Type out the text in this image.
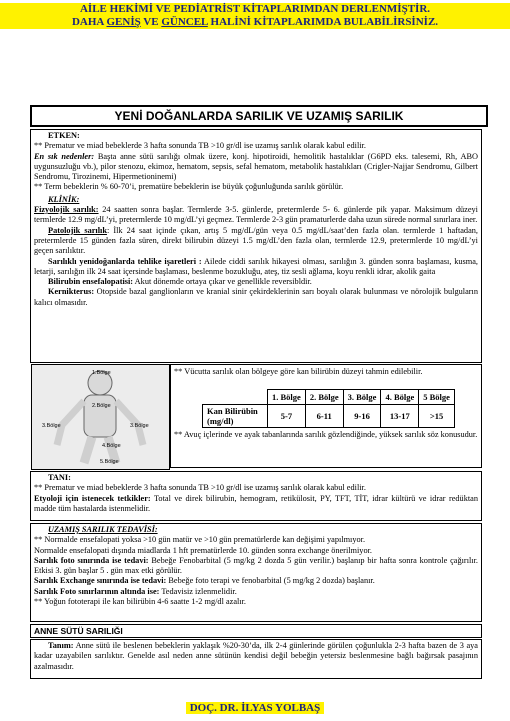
AİLE HEKİMİ VE PEDİATRİST KİTAPLARIMDAN DERLENMİŞTİR.
DAHA GENİŞ VE GÜNCEL HALİNİ KİTAPLARIMDA BULABİLİRSİNİZ.
YENİ DOĞANLARDA SARILIK VE UZAMIŞ SARILIK
ETKEN:
** Prematur ve miad bebeklerde 3 hafta sonunda TB >10 gr/dl ise uzamış sarılık olarak kabul edilir.
En sık nedenler: Başta anne sütü sarılığı olmak üzere, konj. hipotiroidi, hemolitik hastalıklar (G6PD eks. talesemi, Rh, ABO uygunsuzluğu vb.), pilor stenozu, ekimoz, hematom, sepsis, sefal hematom, metabolik hastalıkları (Crigler-Najjar Sendromu, Gilbert Sendromu, Tirozinemi, Hipermetioninemi)
** Term bebeklerin % 60-70’i, prematüre bebeklerin ise büyük çoğunluğunda sarılık görülür.
KLİNİK:
Fizyolojik sarılık: 24 saatten sonra başlar. Termlerde 3-5. günlerde, pretermlerde 5- 6. günlerde pik yapar. Maksimum düzeyi termlerde 12.9 mg/dL’yi, pretermlerde 10 mg/dL’yi geçmez. Termlerde 2-3 gün pramaturlerde daha uzun sürede normal sınırlara iner.
Patolojik sarılık: İlk 24 saat içinde çıkan, artış 5 mg/dL/gün veya 0.5 mg/dL/saat’den fazla olan. termlerde 1 haftadan, pretermlerde 15 günden fazla süren, direkt bilirubin düzeyi 1.5 mg/dL’den fazla olan, termlerde 12.9, pretermlerde 10 mg/dL’yi geçen sarılıktır.
Sarılıklı yenidoğanlarda tehlike işaretleri : Ailede ciddi sarılık hikayesi olması, sarılığın 3. günden sonra başlaması, kusma, letarji, sarılığın ilk 24 saat içersinde başlaması, beslenme bozukluğu, ateş, tiz sesli ağlama, koyu renkli idrar, akolik gaita
Bilirubin ensefalopatisi: Akut dönemde ortaya çıkar ve genellikle reversibldir.
Kernikterus: Otopside bazal ganglionların ve kranial sinir çekirdeklerinin sarı boyalı olarak bulunması ve nörolojik bulguların kalıcı olmasıdır.
1.Bölge
2.Bölge
3.Bölge	3.Bölge
4.Bölge
5.Bölge
** Vücutta sarılık olan bölgeye göre kan bilirübin düzeyi tahmin edilebilir.
	1. Bölge	2. Bölge	3. Bölge	4. Bölge	5 Bölge
Kan Bilirübin (mg/dl)	5-7	6-11	9-16	13-17	>15
** Avuç içlerinde ve ayak tabanlarında sarılık gözlendiğinde, yüksek sarılık söz konusudur.
TANI:
** Prematur ve miad bebeklerde 3 hafta sonunda TB >10 gr/dl ise uzamış sarılık olarak kabul edilir.
Etyoloji için istenecek tetkikler: Total ve direk bilirubin, hemogram, retikülosit, PY, TFT, TİT, idrar kültürü ve idrar redüktan madde tüm hastalarda istenmelidir.
UZAMIŞ SARILIK TEDAVİSİ:
** Normalde ensefalopati yoksa >10 gün matür ve >10 gün prematürlerde kan değişimi yapılmıyor.
Normalde ensefalopati dışında miadlarda 1 hft prematürlerde 10. günden sonra exchange önerilmiyor.
Sarılık foto sınırında ise tedavi: Bebeğe Fenobarbital (5 mg/kg 2 dozda 5 gün verilir.) başlanıp bir hafta sonra kontrole çağırılır. Etkisi 3. gün başlar 5 . gün max etki görülür.
Sarılık Exchange sınırında ise tedavi: Bebeğe foto terapi ve fenobarbital (5 mg/kg 2 dozda) başlanır.
Sarılık Foto sınırlarının altında ise: Tedavisiz izlenmelidir.
** Yoğun fototerapi ile kan bilirübin 4-6 saatte 1-2 mg/dl azalır.
ANNE SÜTÜ SARILIĞI
Tanım: Anne sütü ile beslenen bebeklerin yaklaşık %20-30’da, ilk 2-4 günlerinde görülen çoğunlukla 2-3 hafta bazen de 3 aya kadar uzayabilen sarılıktır. Genelde asıl neden anne sütünün kendisi değil bebeğin yetersiz beslenmesine bağlı bağırsak pasajının azalmasıdır.
DOÇ. DR. İLYAS YOLBAŞ
